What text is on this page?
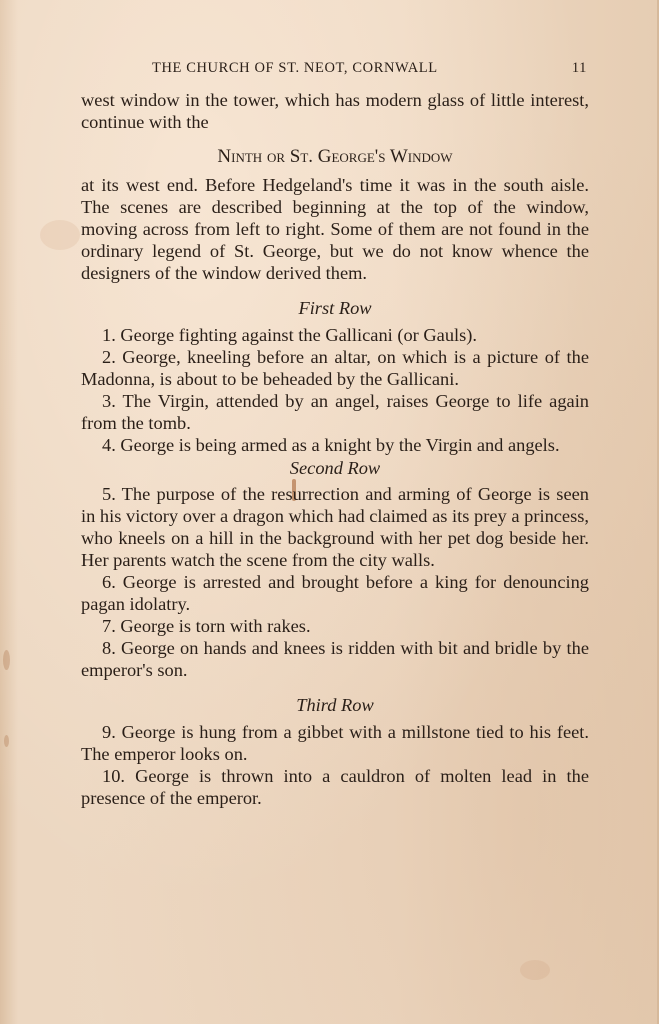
THE CHURCH OF ST. NEOT, CORNWALL	11

west window in the tower, which has modern glass of little interest, continue with the

Ninth or St. George's Window

at its west end. Before Hedgeland's time it was in the south aisle. The scenes are described beginning at the top of the window, moving across from left to right. Some of them are not found in the ordinary legend of St. George, but we do not know whence the designers of the window derived them.

First Row

1. George fighting against the Gallicani (or Gauls).

2. George, kneeling before an altar, on which is a picture of the Madonna, is about to be beheaded by the Gallicani.

3. The Virgin, attended by an angel, raises George to life again from the tomb.

4. George is being armed as a knight by the Virgin and angels.

Second Row

5. The purpose of the resurrection and arming of George is seen in his victory over a dragon which had claimed as its prey a princess, who kneels on a hill in the background with her pet dog beside her. Her parents watch the scene from the city walls.

6. George is arrested and brought before a king for denouncing pagan idolatry.

7. George is torn with rakes.

8. George on hands and knees is ridden with bit and bridle by the emperor's son.

Third Row

9. George is hung from a gibbet with a millstone tied to his feet. The emperor looks on.

10. George is thrown into a cauldron of molten lead in the presence of the emperor.
